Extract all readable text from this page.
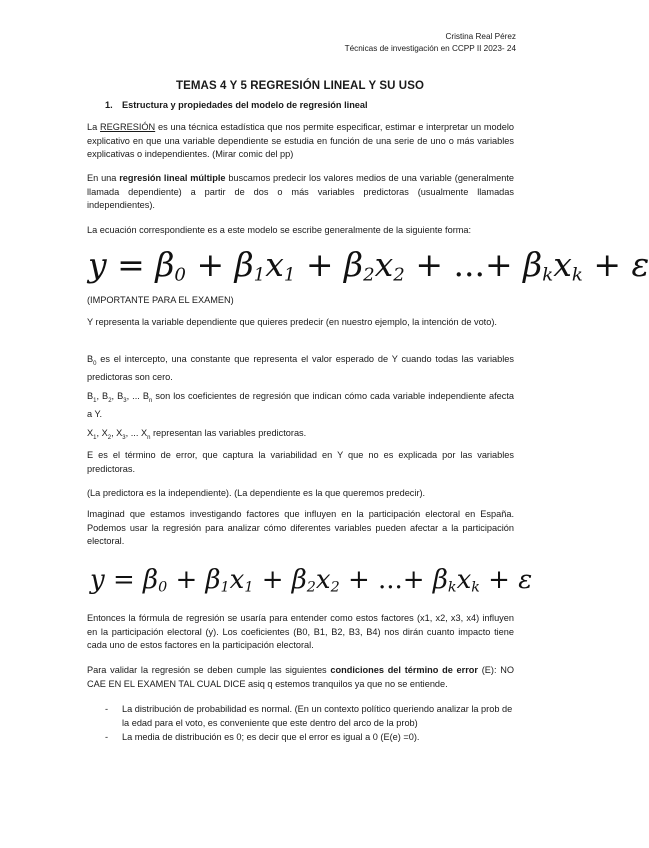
Cristina Real Pérez
Técnicas de investigación en CCPP II 2023- 24
TEMAS 4 Y 5 REGRESIÓN LINEAL Y SU USO
1. Estructura y propiedades del modelo de regresión lineal
La REGRESIÓN es una técnica estadística que nos permite especificar, estimar e interpretar un modelo explicativo en que una variable dependiente se estudia en función de una serie de uno o más variables explicativas o independientes. (Mirar comic del pp)
En una regresión lineal múltiple buscamos predecir los valores medios de una variable (generalmente llamada dependiente) a partir de dos o más variables predictoras (usualmente llamadas independientes).
La ecuación correspondiente es a este modelo se escribe generalmente de la siguiente forma:
$y = \beta_0 + \beta_1x_1 + \beta_2x_2$ + ...+ $\beta_kx_k + \varepsilon$
(IMPORTANTE PARA EL EXAMEN)
Y representa la variable dependiente que quieres predecir (en nuestro ejemplo, la intención de voto).
$B_0$ es el intercepto, una constante que representa el valor esperado de Y cuando todas las variables predictoras son cero.
$B_1$, $B_2$, $B_3$, ... $B_n$ son los coeficientes de regresión que indican cómo cada variable independiente afecta a Y.
$X_1$, $X_2$, $X_3$, ... $X_n$ representan las variables predictoras.
E es el término de error, que captura la variabilidad en Y que no es explicada por las variables predictoras.
(La predictora es la independiente). (La dependiente es la que queremos predecir).
Imaginad que estamos investigando factores que influyen en la participación electoral en España. Podemos usar la regresión para analizar cómo diferentes variables pueden afectar a la participación electoral.
$y = \beta_0 + \beta_1x_1 + \beta_2x_2$ + ...+ $\beta_kx_k + \varepsilon$
Entonces la fórmula de regresión se usaría para entender como estos factores (x1, x2, x3, x4) influyen en la participación electoral (y). Los coeficientes (B0, B1, B2, B3, B4) nos dirán cuanto impacto tiene cada uno de estos factores en la participación electoral.
Para validar la regresión se deben cumple las siguientes condiciones del término de error (E): NO CAE EN EL EXAMEN TAL CUAL DICE asiq q estemos tranquilos ya que no se entiende.
- La distribución de probabilidad es normal. (En un contexto político queriendo analizar la prob de la edad para el voto, es conveniente que este dentro del arco de la prob)
- La media de distribución es 0; es decir que el error es igual a 0 (E(e) =0).
